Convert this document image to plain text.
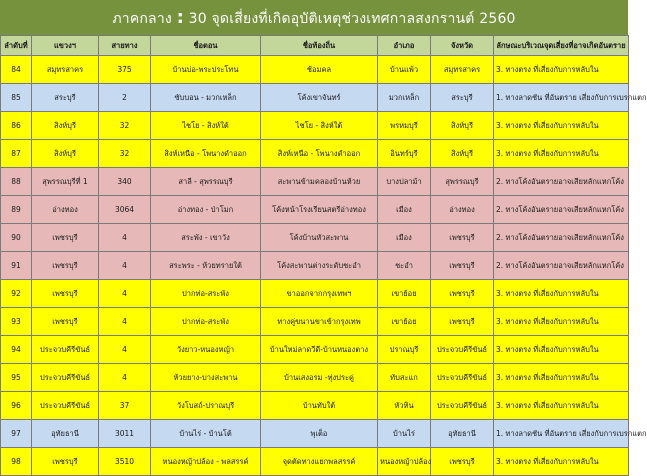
ภาคกลาง : 30 จุดเสี่ยงที่เกิดอุบัติเหตุช่วงเทศกาลสงกรานต์ 2560
ลำดับที่	แขวงฯ	สายทาง	ชื่อตอน	ชื่อท้องถิ่น	อำเภอ	จังหวัด	ลักษณะบริเวณจุดเสี่ยงที่อาจเกิดอันตราย
84	สมุทรสาคร	375	บ้านบ่อ-พระประโทน	ช้อมคล	บ้านแพ้ว	สมุทรสาคร	3. ทางตรง ที่เสี่ยงกับการหลับใน
85	สระบุรี	2	ซับบอน - มวกเหล็ก	โค้งเขาจันทร์	มวกเหล็ก	สระบุรี	1. ทางลาดชัน ที่อันตราย เสี่ยงกับการเบรกแตก
86	สิงห์บุรี	32	ไชโย - สิงห์ใต้	ไชโย - สิงห์ใต้	พรหมบุรี	สิงห์บุรี	3. ทางตรง ที่เสี่ยงกับการหลับใน
87	สิงห์บุรี	32	สิงห์เหนือ - โพนางดำออก	สิงห์เหนือ - โพนางดำออก	อินทร์บุรี	สิงห์บุรี	3. ทางตรง ที่เสี่ยงกับการหลับใน
88	สุพรรณบุรีที่ 1	340	สาลี - สุพรรณบุรี	สะพานข้ามคลองบ้านห้วย	บางปลาม้า	สุพรรณบุรี	2. ทางโค้งอันตรายอาจเสียหลักแหกโค้ง
89	อ่างทอง	3064	อ่างทอง - ป่าโมก	โค้งหน้าโรงเรียนสตรีอ่างทอง	เมือง	อ่างทอง	2. ทางโค้งอันตรายอาจเสียหลักแหกโค้ง
90	เพชรบุรี	4	สระพัง - เขาวัง	โค้งบ้านหัวสะพาน	เมือง	เพชรบุรี	2. ทางโค้งอันตรายอาจเสียหลักแหกโค้ง
91	เพชรบุรี	4	สระพระ - ห้วยทรายใต้	โค้งสะพานต่างระดับชะอำ	ชะอำ	เพชรบุรี	2. ทางโค้งอันตรายอาจเสียหลักแหกโค้ง
92	เพชรบุรี	4	ปากท่อ-สระพัง	ขาออกจากกรุงเทพฯ	เขาย้อย	เพชรบุรี	3. ทางตรง ที่เสี่ยงกับการหลับใน
93	เพชรบุรี	4	ปากท่อ-สระพัง	ทางคู่ขนานขาเข้ากรุงเทพ	เขาย้อย	เพชรบุรี	3. ทางตรง ที่เสี่ยงกับการหลับใน
94	ประจวบคีรีขันธ์	4	วังยาว-หนองหญ้า	บ้านใหม่ลาดวีดี-บ้านหนองตาง	ปราณบุรี	ประจวบคีรีขันธ์	3. ทางตรง ที่เสี่ยงกับการหลับใน
95	ประจวบคีรีขันธ์	4	ห้วยยาง-บางสะพาน	บ้านเสงอรม -ทุ่งประดู่	ทับสะแก	ประจวบคีรีขันธ์	3. ทางตรง ที่เสี่ยงกับการหลับใน
96	ประจวบคีรีขันธ์	37	วังโบสถ์-ปราณบุรี	บ้านทับใต้	หัวหิน	ประจวบคีรีขันธ์	3. ทางตรง ที่เสี่ยงกับการหลับใน
97	อุทัยธานี	3011	บ้านไร่ - บ้านโต้	พุเต็อ	บ้านไร่	อุทัยธานี	1. ทางลาดชัน ที่อันตราย เสี่ยงกับการเบรกแตก
98	เพชรบุรี	3510	หนองหญ้าปล้อง - พลสรรค์	จุดตัดทางแยกพลสรรค์	หนองหญ้าปล้อง	เพชรบุรี	3. ทางตรง ที่เสี่ยงกับการหลับใน
